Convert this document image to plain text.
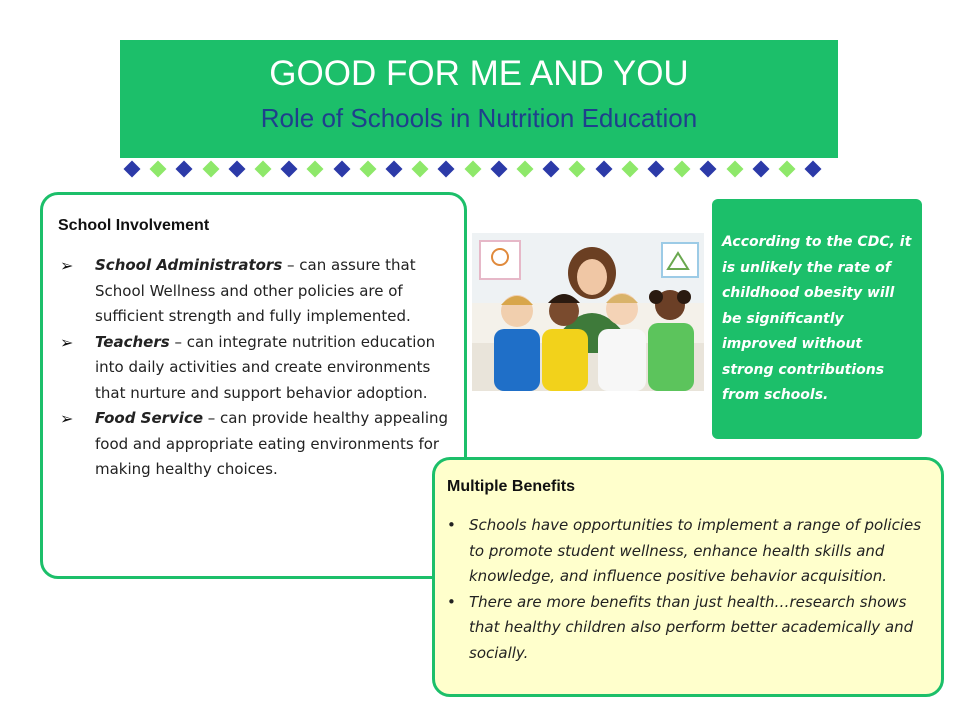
GOOD FOR ME AND YOU
Role of Schools in Nutrition Education
School Involvement
➢ School Administrators – can assure that School Wellness and other policies are of sufficient strength and fully implemented.
➢ Teachers – can integrate nutrition education into daily activities and create environments that nurture and support behavior adoption.
➢ Food Service – can provide healthy appealing food and appropriate eating environments for making healthy choices.
According to the CDC, it is unlikely the rate of childhood obesity will be significantly improved without strong contributions from schools.
Multiple Benefits
• Schools have opportunities to implement a range of policies to promote student wellness, enhance health skills and knowledge, and influence positive behavior acquisition.
• There are more benefits than just health…research shows that healthy children also perform better academically and socially.
